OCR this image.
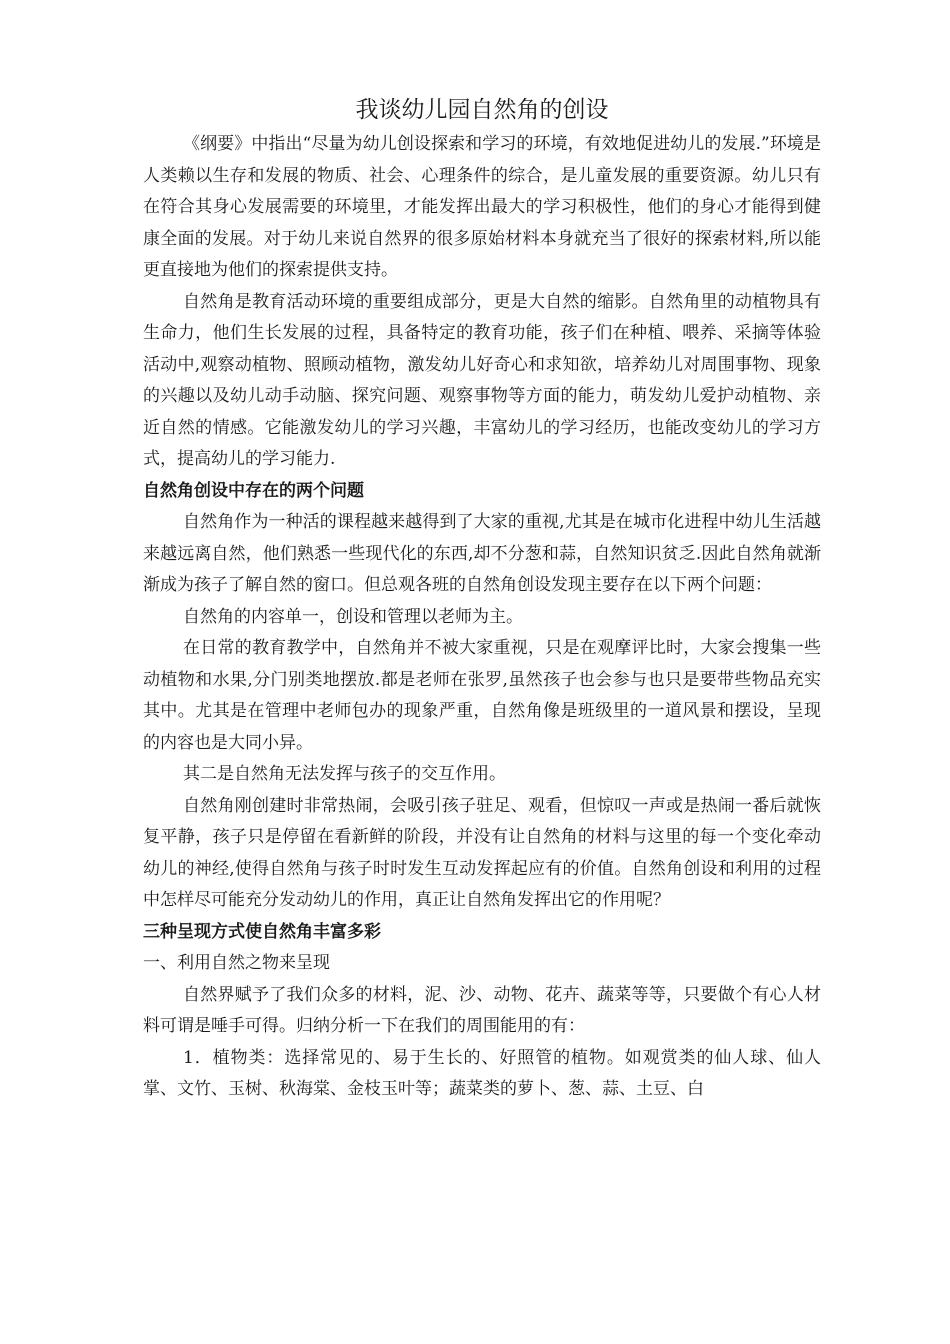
我谈幼儿园自然角的创设

《纲要》中指出“尽量为幼儿创设探索和学习的环境，有效地促进幼儿的发展.”环境是人类赖以生存和发展的物质、社会、心理条件的综合，是儿童发展的重要资源。幼儿只有在符合其身心发展需要的环境里，才能发挥出最大的学习积极性，他们的身心才能得到健康全面的发展。对于幼儿来说自然界的很多原始材料本身就充当了很好的探索材料,所以能更直接地为他们的探索提供支持。

自然角是教育活动环境的重要组成部分，更是大自然的缩影。自然角里的动植物具有生命力，他们生长发展的过程，具备特定的教育功能，孩子们在种植、喂养、采摘等体验活动中,观察动植物、照顾动植物，激发幼儿好奇心和求知欲，培养幼儿对周围事物、现象的兴趣以及幼儿动手动脑、探究问题、观察事物等方面的能力，萌发幼儿爱护动植物、亲近自然的情感。它能激发幼儿的学习兴趣，丰富幼儿的学习经历，也能改变幼儿的学习方式，提高幼儿的学习能力.

自然角创设中存在的两个问题

自然角作为一种活的课程越来越得到了大家的重视,尤其是在城市化进程中幼儿生活越来越远离自然，他们熟悉一些现代化的东西,却不分葱和蒜，自然知识贫乏.因此自然角就渐渐成为孩子了解自然的窗口。但总观各班的自然角创设发现主要存在以下两个问题：

自然角的内容单一，创设和管理以老师为主。

在日常的教育教学中，自然角并不被大家重视，只是在观摩评比时，大家会搜集一些动植物和水果,分门别类地摆放.都是老师在张罗,虽然孩子也会参与也只是要带些物品充实其中。尤其是在管理中老师包办的现象严重，自然角像是班级里的一道风景和摆设，呈现的内容也是大同小异。

其二是自然角无法发挥与孩子的交互作用。

自然角刚创建时非常热闹，会吸引孩子驻足、观看，但惊叹一声或是热闹一番后就恢复平静，孩子只是停留在看新鲜的阶段，并没有让自然角的材料与这里的每一个变化牵动幼儿的神经,使得自然角与孩子时时发生互动发挥起应有的价值。自然角创设和利用的过程中怎样尽可能充分发动幼儿的作用，真正让自然角发挥出它的作用呢？

三种呈现方式使自然角丰富多彩
一、利用自然之物来呈现

自然界赋予了我们众多的材料，泥、沙、动物、花卉、蔬菜等等，只要做个有心人材料可谓是唾手可得。归纳分析一下在我们的周围能用的有：

1．植物类：选择常见的、易于生长的、好照管的植物。如观赏类的仙人球、仙人掌、文竹、玉树、秋海棠、金枝玉叶等；蔬菜类的萝卜、葱、蒜、土豆、白
